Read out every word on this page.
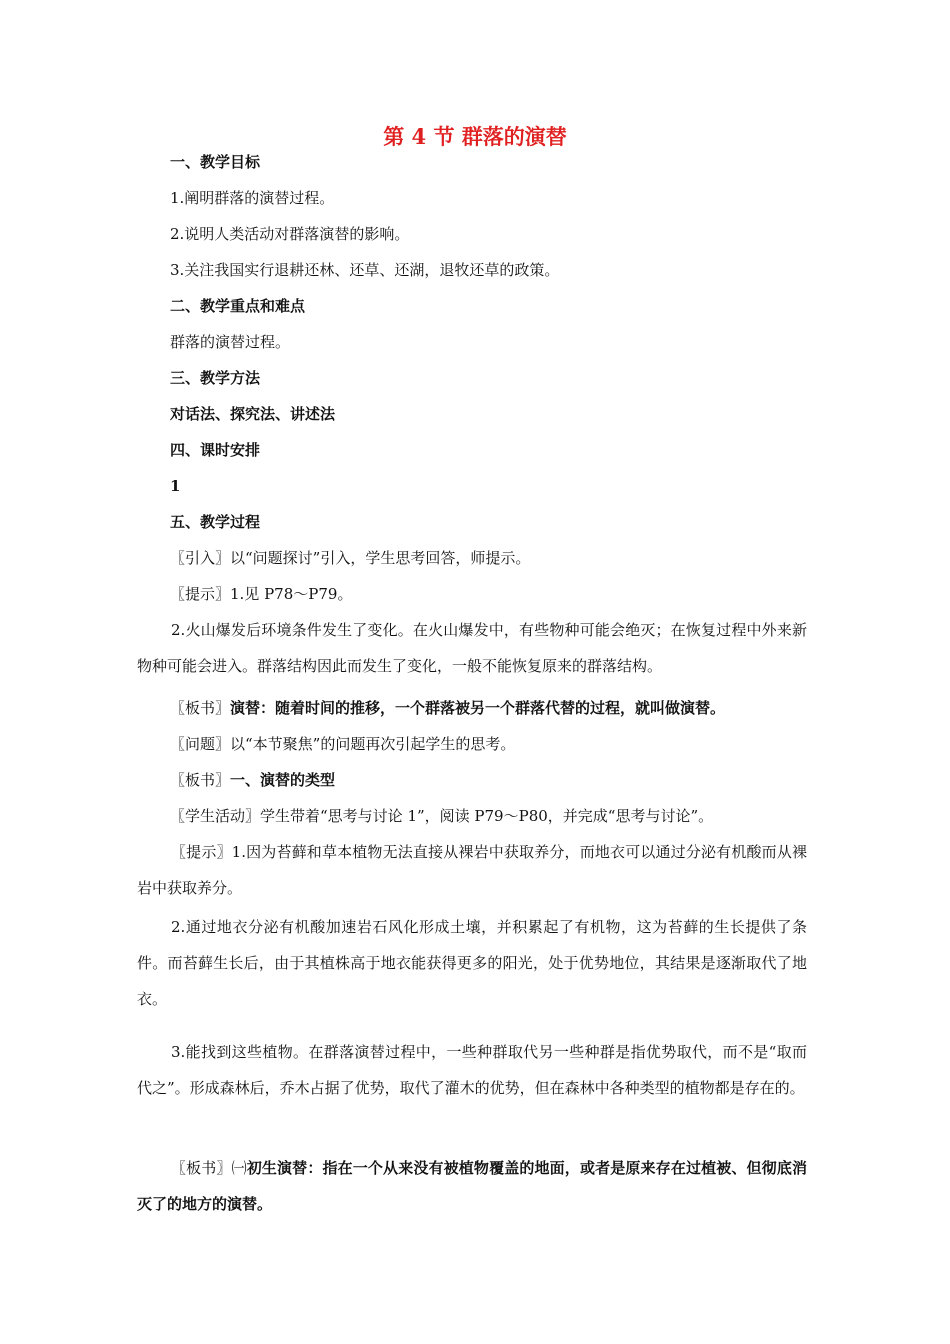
第 4 节 群落的演替
一、教学目标
1.阐明群落的演替过程。
2.说明人类活动对群落演替的影响。
3.关注我国实行退耕还林、还草、还湖，退牧还草的政策。
二、教学重点和难点
群落的演替过程。
三、教学方法
对话法、探究法、讲述法
四、课时安排
1
五、教学过程
〖引入〗以“问题探讨”引入，学生思考回答，师提示。
〖提示〗1.见 P78～P79。
2.火山爆发后环境条件发生了变化。在火山爆发中，有些物种可能会绝灭；在恢复过程中外来新物种可能会进入。群落结构因此而发生了变化，一般不能恢复原来的群落结构。
〖板书〗演替：随着时间的推移，一个群落被另一个群落代替的过程，就叫做演替。
〖问题〗以“本节聚焦”的问题再次引起学生的思考。
〖板书〗一、演替的类型
〖学生活动〗学生带着“思考与讨论 1”，阅读 P79～P80，并完成“思考与讨论”。
〖提示〗1.因为苔藓和草本植物无法直接从裸岩中获取养分，而地衣可以通过分泌有机酸而从裸岩中获取养分。
2.通过地衣分泌有机酸加速岩石风化形成土壤，并积累起了有机物，这为苔藓的生长提供了条件。而苔藓生长后，由于其植株高于地衣能获得更多的阳光，处于优势地位，其结果是逐渐取代了地衣。
3.能找到这些植物。在群落演替过程中，一些种群取代另一些种群是指优势取代，而不是“取而代之”。形成森林后，乔木占据了优势，取代了灌木的优势，但在森林中各种类型的植物都是存在的。
〖板书〗㈠初生演替：指在一个从来没有被植物覆盖的地面，或者是原来存在过植被、但彻底消灭了的地方的演替。
